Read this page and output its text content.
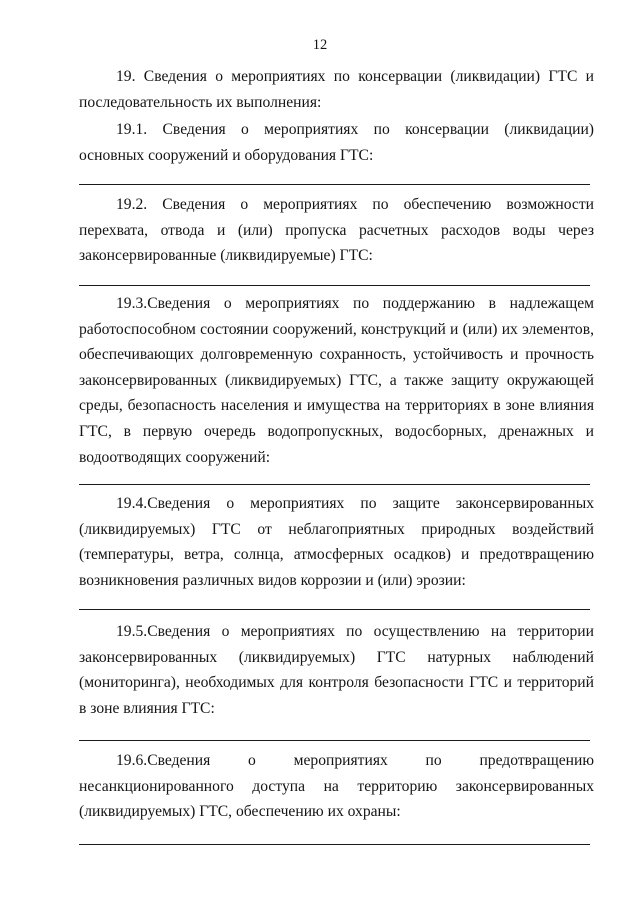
12

19. Сведения о мероприятиях по консервации (ликвидации) ГТС и последовательность их выполнения:

19.1. Сведения о мероприятиях по консервации (ликвидации) основных сооружений и оборудования ГТС:

19.2. Сведения о мероприятиях по обеспечению возможности перехвата, отвода и (или) пропуска расчетных расходов воды через законсервированные (ликвидируемые) ГТС:

19.3.Сведения о мероприятиях по поддержанию в надлежащем работоспособном состоянии сооружений, конструкций и (или) их элементов, обеспечивающих долговременную сохранность, устойчивость и прочность законсервированных (ликвидируемых) ГТС, а также защиту окружающей среды, безопасность населения и имущества на территориях в зоне влияния ГТС, в первую очередь водопропускных, водосборных, дренажных и водоотводящих сооружений:

19.4.Сведения о мероприятиях по защите законсервированных (ликвидируемых) ГТС от неблагоприятных природных воздействий (температуры, ветра, солнца, атмосферных осадков) и предотвращению возникновения различных видов коррозии и (или) эрозии:

19.5.Сведения о мероприятиях по осуществлению на территории законсервированных (ликвидируемых) ГТС натурных наблюдений (мониторинга), необходимых для контроля безопасности ГТС и территорий в зоне влияния ГТС:

19.6.Сведения о мероприятиях по предотвращению несанкционированного доступа на территорию законсервированных (ликвидируемых) ГТС, обеспечению их охраны:
